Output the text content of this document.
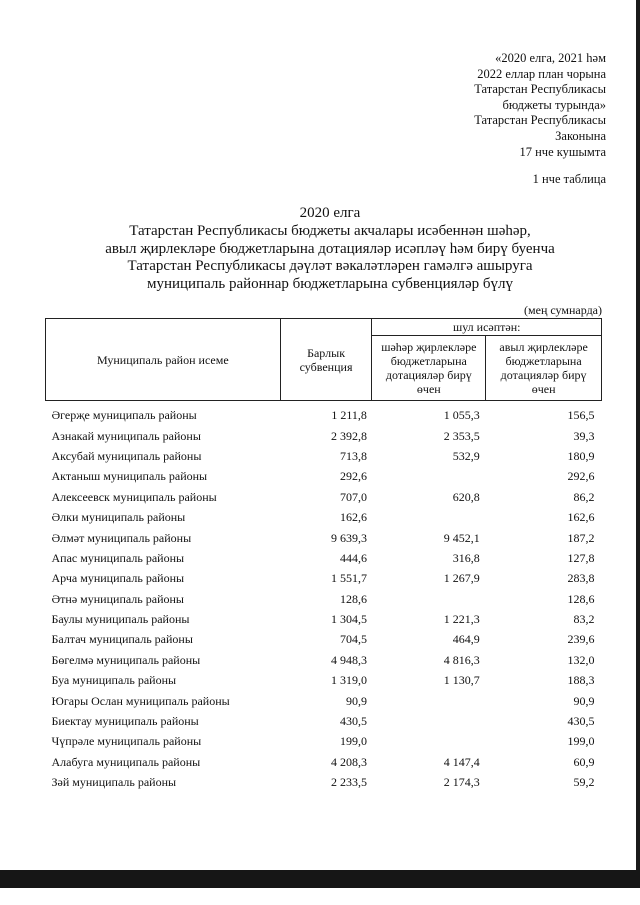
«2020 елга, 2021 һәм
2022 еллар план чорына
Татарстан Республикасы
бюджеты турында»
Татарстан Республикасы
Законына
17 нче кушымта
1 нче таблица
2020 елга
Татарстан Республикасы бюджеты акчалары исәбеннән шәһәр,
авыл җирлекләре бюджетларына дотацияләр исәпләү һәм бирү буенча
Татарстан Республикасы дәүләт вәкаләтләрен гамәлгә ашыруга
муниципаль районнар бюджетларына субвенцияләр бүлү
(мең сумнарда)
Муниципаль район исеме	Барлык субвенция	шул исәптән:	
		шәһәр җирлекләре бюджетларына дотацияләр бирү өчен	авыл җирлекләре бюджетларына дотацияләр бирү өчен
Әгерҗе муниципаль районы	1 211,8	1 055,3	156,5
Азнакай муниципаль районы	2 392,8	2 353,5	39,3
Аксубай муниципаль районы	713,8	532,9	180,9
Актаныш муниципаль районы	292,6		292,6
Алексеевск муниципаль районы	707,0	620,8	86,2
Әлки муниципаль районы	162,6		162,6
Әлмәт муниципаль районы	9 639,3	9 452,1	187,2
Апас муниципаль районы	444,6	316,8	127,8
Арча муниципаль районы	1 551,7	1 267,9	283,8
Әтнә муниципаль районы	128,6		128,6
Баулы муниципаль районы	1 304,5	1 221,3	83,2
Балтач муниципаль районы	704,5	464,9	239,6
Бөгелмә муниципаль районы	4 948,3	4 816,3	132,0
Буа муниципаль районы	1 319,0	1 130,7	188,3
Югары Ослан муниципаль районы	90,9		90,9
Биектау муниципаль районы	430,5		430,5
Чүпрәле муниципаль районы	199,0		199,0
Алабуга муниципаль районы	4 208,3	4 147,4	60,9
Зәй муниципаль районы	2 233,5	2 174,3	59,2
